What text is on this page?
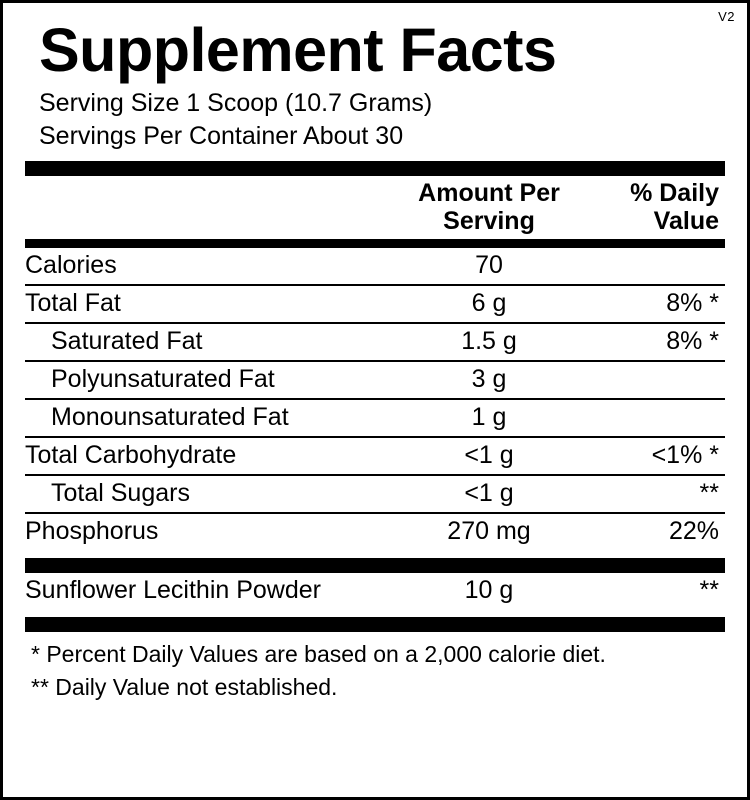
V2
Supplement Facts
Serving Size 1 Scoop (10.7 Grams)
Servings Per Container About 30

Amount Per
Serving

% Daily
Value
Calories	70	
Total Fat	6 g	8% *
Saturated Fat	1.5 g	8% *
Polyunsaturated Fat	3 g	
Monounsaturated Fat	1 g	
Total Carbohydrate	<1 g	<1% *
Total Sugars	<1 g	**
Phosphorus	270 mg	22%
Sunflower Lecithin Powder	10 g	**
* Percent Daily Values are based on a 2,000 calorie diet.
** Daily Value not established.
